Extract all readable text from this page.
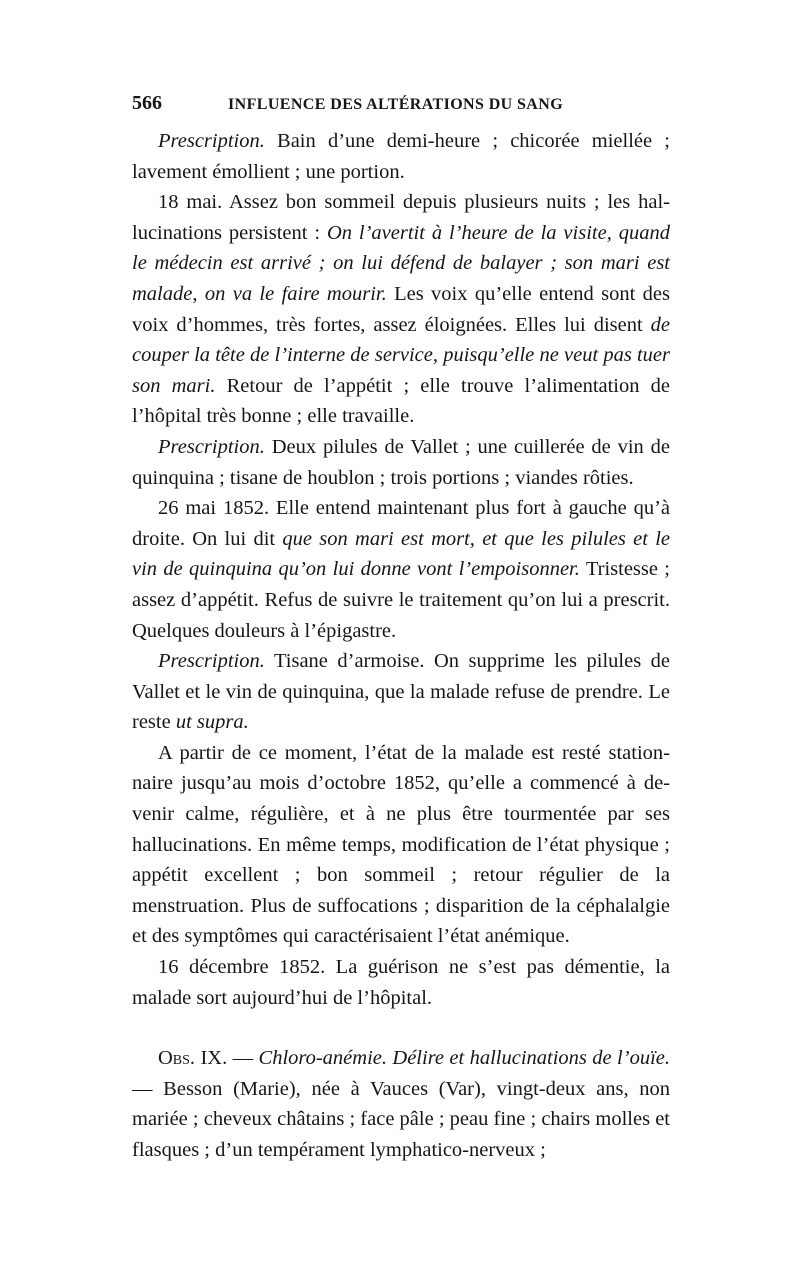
566	INFLUENCE DES ALTÉRATIONS DU SANG

Prescription. Bain d’une demi-heure ; chicorée miellée ; lavement émollient ; une portion.

18 mai. Assez bon sommeil depuis plusieurs nuits ; les hallucinations persistent : On l’avertit à l’heure de la visite, quand le médecin est arrivé ; on lui défend de balayer ; son mari est malade, on va le faire mourir. Les voix qu’elle entend sont des voix d’hommes, très fortes, assez éloignées. Elles lui disent de couper la tête de l’interne de service, puisqu’elle ne veut pas tuer son mari. Retour de l’appétit ; elle trouve l’alimentation de l’hôpital très bonne ; elle travaille.

Prescription. Deux pilules de Vallet ; une cuillerée de vin de quinquina ; tisane de houblon ; trois portions ; viandes rôties.

26 mai 1852. Elle entend maintenant plus fort à gauche qu’à droite. On lui dit que son mari est mort, et que les pilules et le vin de quinquina qu’on lui donne vont l’empoisonner. Tristesse ; assez d’appétit. Refus de suivre le traitement qu’on lui a prescrit. Quelques douleurs à l’épigastre.

Prescription. Tisane d’armoise. On supprime les pilules de Vallet et le vin de quinquina, que la malade refuse de prendre. Le reste ut supra.

A partir de ce moment, l’état de la malade est resté stationnaire jusqu’au mois d’octobre 1852, qu’elle a commencé à devenir calme, régulière, et à ne plus être tourmentée par ses hallucinations. En même temps, modification de l’état physique ; appétit excellent ; bon sommeil ; retour régulier de la menstruation. Plus de suffocations ; disparition de la céphalalgie et des symptômes qui caractérisaient l’état anémique.

16 décembre 1852. La guérison ne s’est pas démentie, la malade sort aujourd’hui de l’hôpital.

Obs. IX. — Chloro-anémie. Délire et hallucinations de l’ouïe. — Besson (Marie), née à Vauces (Var), vingt-deux ans, non mariée ; cheveux châtains ; face pâle ; peau fine ; chairs molles et flasques ; d’un tempérament lymphatico-nerveux ;
